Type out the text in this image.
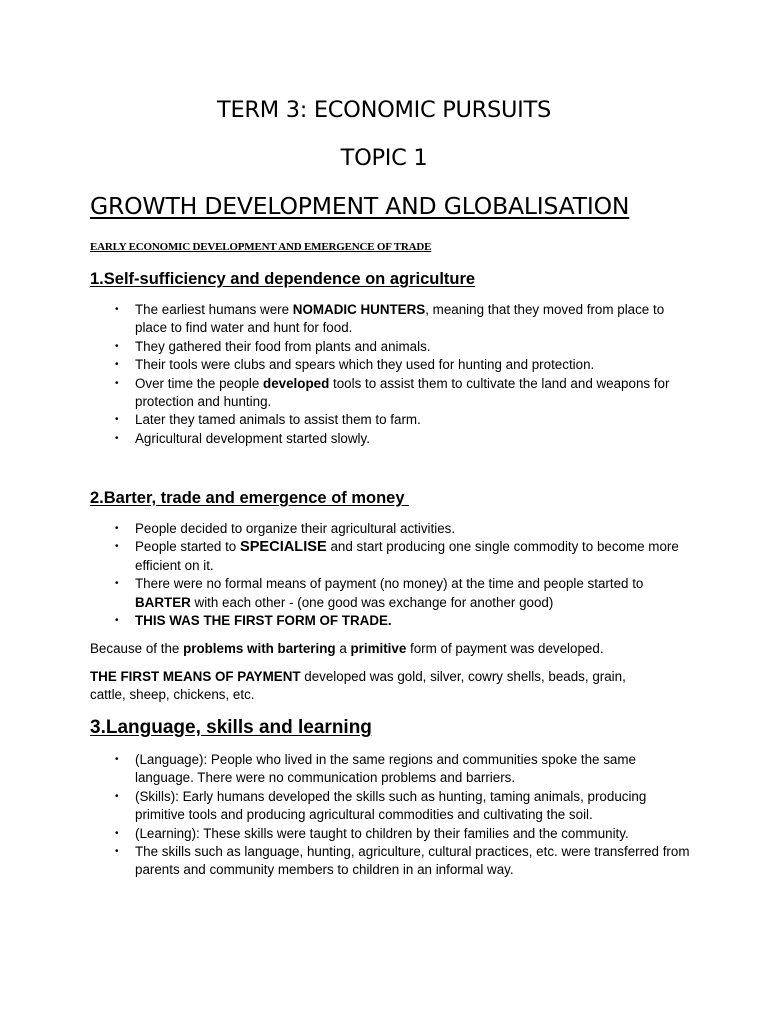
TERM 3: ECONOMIC PURSUITS
TOPIC 1
GROWTH DEVELOPMENT AND GLOBALISATION
EARLY ECONOMIC DEVELOPMENT AND EMERGENCE OF TRADE
1.Self-sufficiency and dependence on agriculture
• The earliest humans were NOMADIC HUNTERS, meaning that they moved from place to place to find water and hunt for food.
• They gathered their food from plants and animals.
• Their tools were clubs and spears which they used for hunting and protection.
• Over time the people developed tools to assist them to cultivate the land and weapons for protection and hunting.
• Later they tamed animals to assist them to farm.
• Agricultural development started slowly.
2.Barter, trade and emergence of money
• People decided to organize their agricultural activities.
• People started to SPECIALISE and start producing one single commodity to become more efficient on it.
• There were no formal means of payment (no money) at the time and people started to BARTER with each other - (one good was exchange for another good)
• THIS WAS THE FIRST FORM OF TRADE.
Because of the problems with bartering a primitive form of payment was developed.
THE FIRST MEANS OF PAYMENT developed was gold, silver, cowry shells, beads, grain, cattle, sheep, chickens, etc.
3.Language, skills and learning
• (Language): People who lived in the same regions and communities spoke the same language. There were no communication problems and barriers.
• (Skills): Early humans developed the skills such as hunting, taming animals, producing primitive tools and producing agricultural commodities and cultivating the soil.
• (Learning): These skills were taught to children by their families and the community.
• The skills such as language, hunting, agriculture, cultural practices, etc. were transferred from parents and community members to children in an informal way.
